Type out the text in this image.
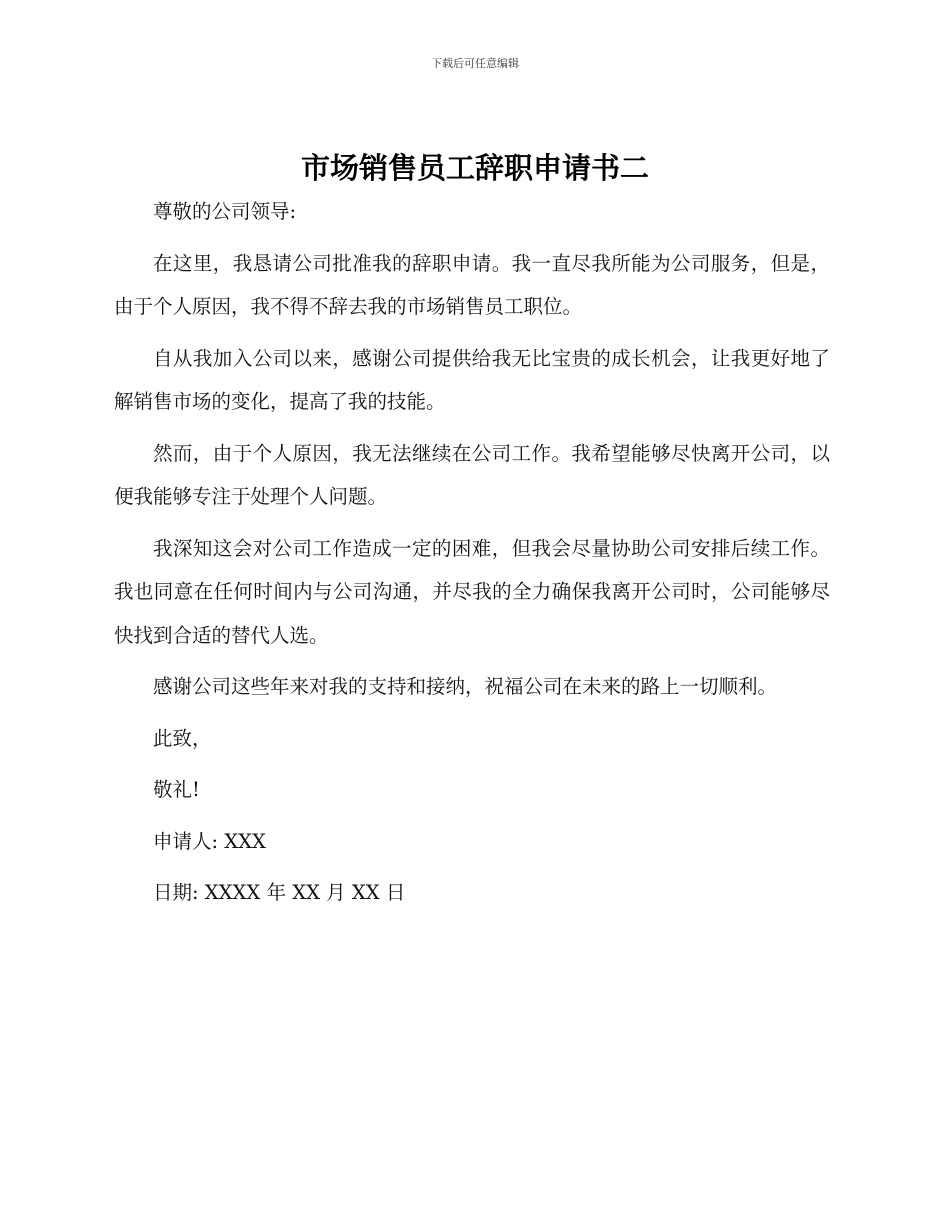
下载后可任意编辑
市场销售员工辞职申请书二

尊敬的公司领导:

在这里，我恳请公司批准我的辞职申请。我一直尽我所能为公司服务，但是，由于个人原因，我不得不辞去我的市场销售员工职位。

自从我加入公司以来，感谢公司提供给我无比宝贵的成长机会，让我更好地了解销售市场的变化，提高了我的技能。

然而，由于个人原因，我无法继续在公司工作。我希望能够尽快离开公司，以便我能够专注于处理个人问题。

我深知这会对公司工作造成一定的困难，但我会尽量协助公司安排后续工作。我也同意在任何时间内与公司沟通，并尽我的全力确保我离开公司时，公司能够尽快找到合适的替代人选。

感谢公司这些年来对我的支持和接纳，祝福公司在未来的路上一切顺利。

此致，

敬礼!

申请人: XXX

日期: XXXX 年 XX 月 XX 日
